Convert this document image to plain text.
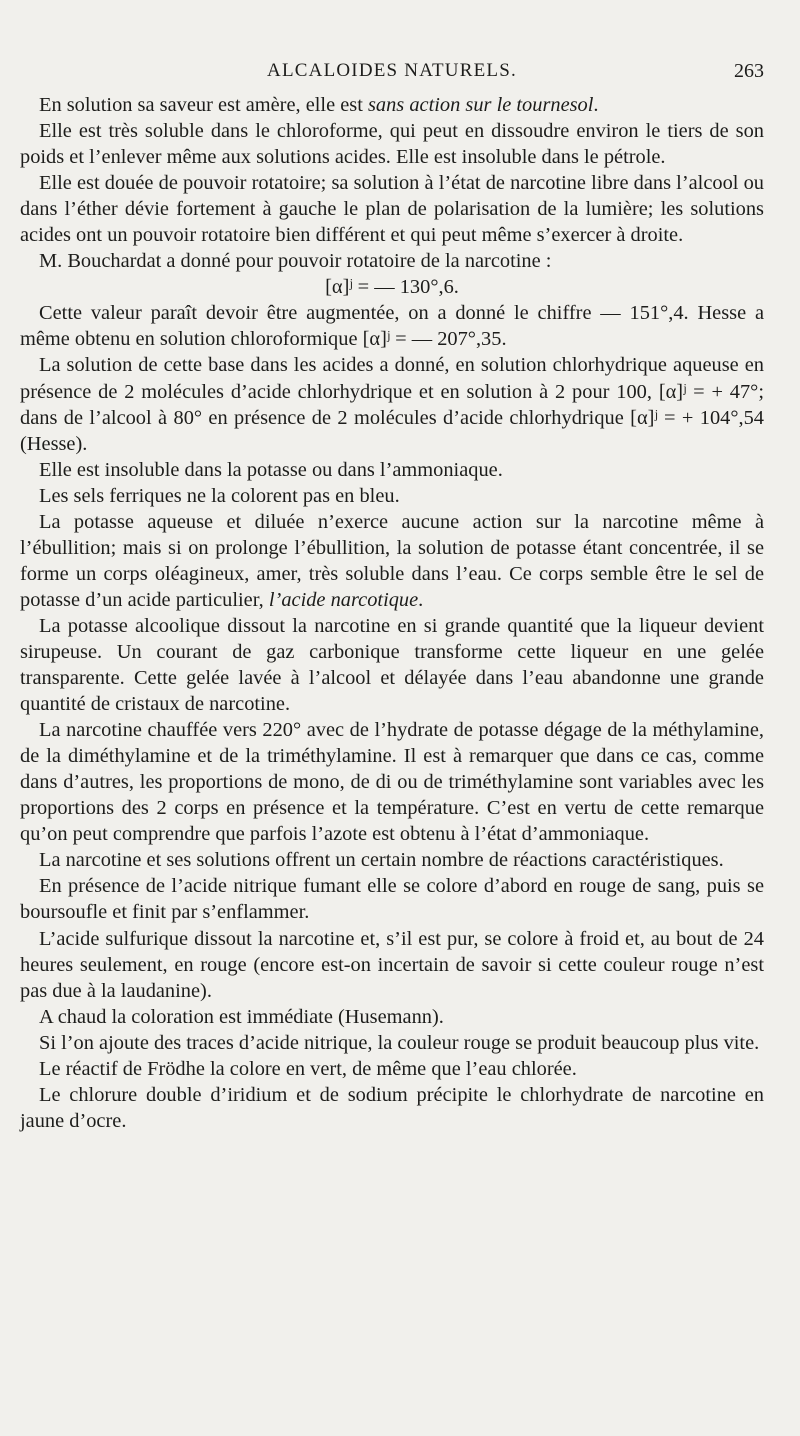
ALCALOIDES NATURELS.	263

En solution sa saveur est amère, elle est sans action sur le tournesol.

Elle est très soluble dans le chloroforme, qui peut en dissoudre environ le tiers de son poids et l’enlever même aux solutions acides. Elle est insoluble dans le pétrole.

Elle est douée de pouvoir rotatoire; sa solution à l’état de narcotine libre dans l’alcool ou dans l’éther dévie fortement à gauche le plan de polarisation de la lumière; les solutions acides ont un pouvoir rotatoire bien différent et qui peut même s’exercer à droite.

M. Bouchardat a donné pour pouvoir rotatoire de la narcotine :

[α]ʲ = — 130°,6.

Cette valeur paraît devoir être augmentée, on a donné le chiffre — 151°,4. Hesse a même obtenu en solution chloroformique [α]ʲ = — 207°,35.

La solution de cette base dans les acides a donné, en solution chlorhydrique aqueuse en présence de 2 molécules d’acide chlorhydrique et en solution à 2 pour 100, [α]ʲ = + 47°; dans de l’alcool à 80° en présence de 2 molécules d’acide chlorhydrique [α]ʲ = + 104°,54 (Hesse).

Elle est insoluble dans la potasse ou dans l’ammoniaque.

Les sels ferriques ne la colorent pas en bleu.

La potasse aqueuse et diluée n’exerce aucune action sur la narcotine même à l’ébullition; mais si on prolonge l’ébullition, la solution de potasse étant concentrée, il se forme un corps oléagineux, amer, très soluble dans l’eau. Ce corps semble être le sel de potasse d’un acide particulier, l’acide narcotique.

La potasse alcoolique dissout la narcotine en si grande quantité que la liqueur devient sirupeuse. Un courant de gaz carbonique transforme cette liqueur en une gelée transparente. Cette gelée lavée à l’alcool et délayée dans l’eau abandonne une grande quantité de cristaux de narcotine.

La narcotine chauffée vers 220° avec de l’hydrate de potasse dégage de la méthylamine, de la diméthylamine et de la triméthylamine. Il est à remarquer que dans ce cas, comme dans d’autres, les proportions de mono, de di ou de triméthylamine sont variables avec les proportions des 2 corps en présence et la température. C’est en vertu de cette remarque qu’on peut comprendre que parfois l’azote est obtenu à l’état d’ammoniaque.

La narcotine et ses solutions offrent un certain nombre de réactions caractéristiques.

En présence de l’acide nitrique fumant elle se colore d’abord en rouge de sang, puis se boursoufle et finit par s’enflammer.

L’acide sulfurique dissout la narcotine et, s’il est pur, se colore à froid et, au bout de 24 heures seulement, en rouge (encore est-on incertain de savoir si cette couleur rouge n’est pas due à la laudanine).

A chaud la coloration est immédiate (Husemann).

Si l’on ajoute des traces d’acide nitrique, la couleur rouge se produit beaucoup plus vite.

Le réactif de Frödhe la colore en vert, de même que l’eau chlorée.

Le chlorure double d’iridium et de sodium précipite le chlorhydrate de narcotine en jaune d’ocre.
